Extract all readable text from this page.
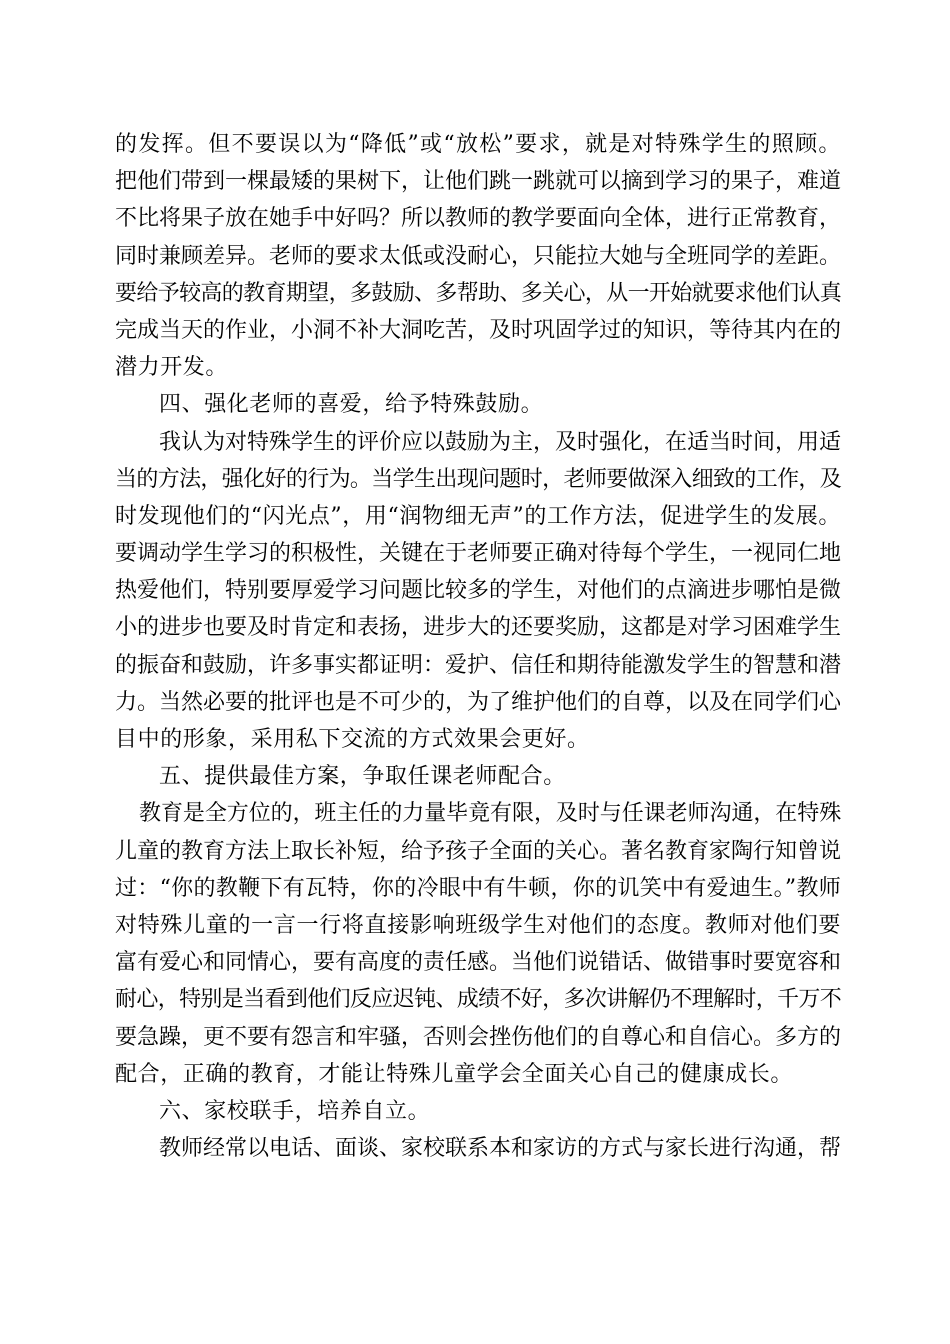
的发挥。但不要误以为“降低”或“放松”要求，就是对特殊学生的照顾。
把他们带到一棵最矮的果树下，让他们跳一跳就可以摘到学习的果子，难道
不比将果子放在她手中好吗？所以教师的教学要面向全体，进行正常教育，
同时兼顾差异。老师的要求太低或没耐心，只能拉大她与全班同学的差距。
要给予较高的教育期望，多鼓励、多帮助、多关心，从一开始就要求他们认真
完成当天的作业，小洞不补大洞吃苦，及时巩固学过的知识，等待其内在的
潜力开发。
四、强化老师的喜爱，给予特殊鼓励。
我认为对特殊学生的评价应以鼓励为主，及时强化，在适当时间，用适
当的方法，强化好的行为。当学生出现问题时，老师要做深入细致的工作，及
时发现他们的“闪光点”，用“润物细无声”的工作方法，促进学生的发展。
要调动学生学习的积极性，关键在于老师要正确对待每个学生，一视同仁地
热爱他们，特别要厚爱学习问题比较多的学生，对他们的点滴进步哪怕是微
小的进步也要及时肯定和表扬，进步大的还要奖励，这都是对学习困难学生
的振奋和鼓励，许多事实都证明：爱护、信任和期待能激发学生的智慧和潜
力。当然必要的批评也是不可少的，为了维护他们的自尊，以及在同学们心
目中的形象，采用私下交流的方式效果会更好。
五、提供最佳方案，争取任课老师配合。
教育是全方位的，班主任的力量毕竟有限，及时与任课老师沟通，在特殊
儿童的教育方法上取长补短，给予孩子全面的关心。著名教育家陶行知曾说
过：“你的教鞭下有瓦特，你的冷眼中有牛顿，你的讥笑中有爱迪生。”教师
对特殊儿童的一言一行将直接影响班级学生对他们的态度。教师对他们要
富有爱心和同情心，要有高度的责任感。当他们说错话、做错事时要宽容和
耐心，特别是当看到他们反应迟钝、成绩不好，多次讲解仍不理解时，千万不
要急躁，更不要有怨言和牢骚，否则会挫伤他们的自尊心和自信心。多方的
配合，正确的教育，才能让特殊儿童学会全面关心自己的健康成长。
六、家校联手，培养自立。
教师经常以电话、面谈、家校联系本和家访的方式与家长进行沟通，帮
